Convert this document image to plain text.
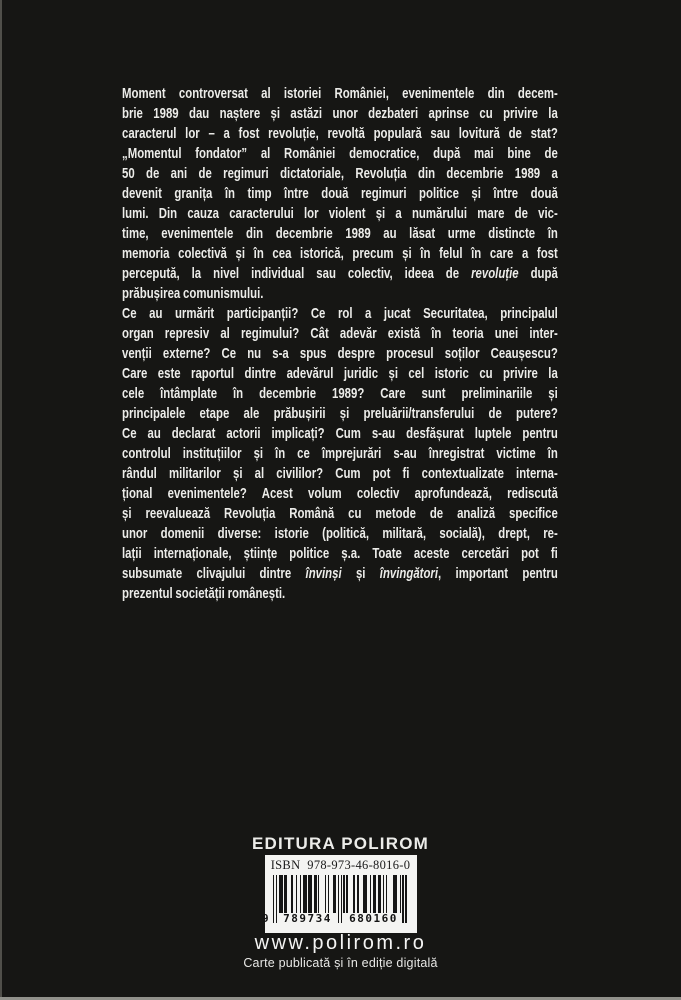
Moment controversat al istoriei României, evenimentele din decem-
brie 1989 dau naștere și astăzi unor dezbateri aprinse cu privire la
caracterul lor – a fost revoluție, revoltă populară sau lovitură de stat?
„Momentul fondator” al României democratice, după mai bine de
50 de ani de regimuri dictatoriale, Revoluția din decembrie 1989 a
devenit granița în timp între două regimuri politice și între două
lumi. Din cauza caracterului lor violent și a numărului mare de vic-
time, evenimentele din decembrie 1989 au lăsat urme distincte în
memoria colectivă și în cea istorică, precum și în felul în care a fost
percepută, la nivel individual sau colectiv, ideea de revoluție după
prăbușirea comunismului.
Ce au urmărit participanții? Ce rol a jucat Securitatea, principalul
organ represiv al regimului? Cât adevăr există în teoria unei inter-
venții externe? Ce nu s-a spus despre procesul soților Ceaușescu?
Care este raportul dintre adevărul juridic și cel istoric cu privire la
cele întâmplate în decembrie 1989? Care sunt preliminariile și
principalele etape ale prăbușirii și preluării/transferului de putere?
Ce au declarat actorii implicați? Cum s-au desfășurat luptele pentru
controlul instituțiilor și în ce împrejurări s-au înregistrat victime în
rândul militarilor și al civililor? Cum pot fi contextualizate interna-
țional evenimentele? Acest volum colectiv aprofundează, rediscută
și reevaluează Revoluția Română cu metode de analiză specifice
unor domenii diverse: istorie (politică, militară, socială), drept, re-
lații internaționale, științe politice ș.a. Toate aceste cercetări pot fi
subsumate clivajului dintre învinși și învingători, important pentru
prezentul societății românești.
EDITURA POLIROM
ISBN 978-973-46-8016-0
9	789734	680160
www.polirom.ro
Carte publicată și în ediție digitală
